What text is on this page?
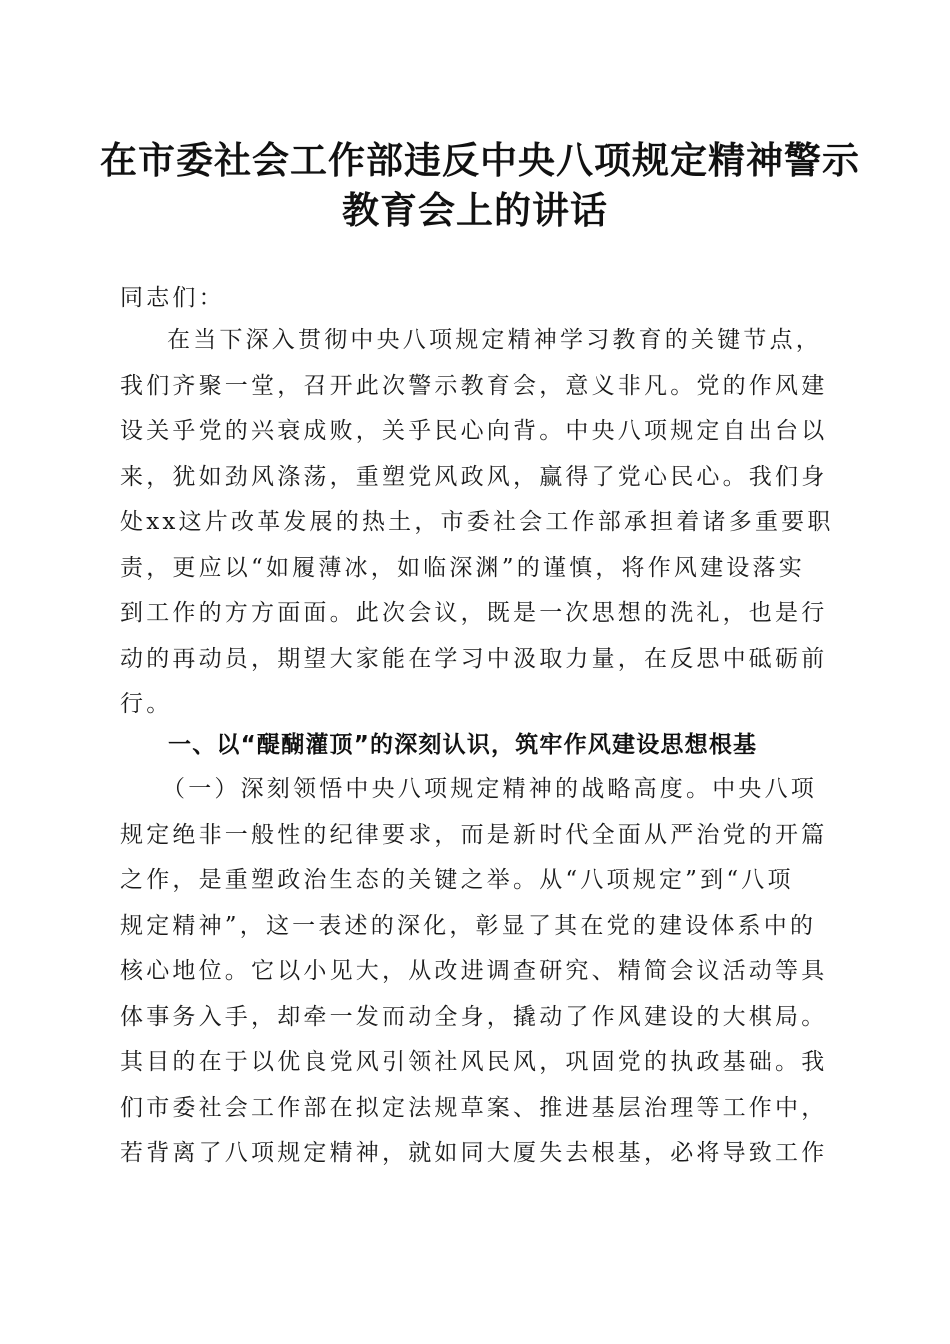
在市委社会工作部违反中央八项规定精神警示
教育会上的讲话
同志们：
在当下深入贯彻中央八项规定精神学习教育的关键节点，
我们齐聚一堂，召开此次警示教育会，意义非凡。党的作风建
设关乎党的兴衰成败，关乎民心向背。中央八项规定自出台以
来，犹如劲风涤荡，重塑党风政风，赢得了党心民心。我们身
处xx这片改革发展的热土，市委社会工作部承担着诸多重要职
责，更应以“如履薄冰，如临深渊”的谨慎，将作风建设落实
到工作的方方面面。此次会议，既是一次思想的洗礼，也是行
动的再动员，期望大家能在学习中汲取力量，在反思中砥砺前
行。
一、以“醍醐灌顶”的深刻认识，筑牢作风建设思想根基
（一）深刻领悟中央八项规定精神的战略高度。中央八项
规定绝非一般性的纪律要求，而是新时代全面从严治党的开篇
之作，是重塑政治生态的关键之举。从“八项规定”到“八项
规定精神”，这一表述的深化，彰显了其在党的建设体系中的
核心地位。它以小见大，从改进调查研究、精简会议活动等具
体事务入手，却牵一发而动全身，撬动了作风建设的大棋局。
其目的在于以优良党风引领社风民风，巩固党的执政基础。我
们市委社会工作部在拟定法规草案、推进基层治理等工作中，
若背离了八项规定精神，就如同大厦失去根基，必将导致工作
